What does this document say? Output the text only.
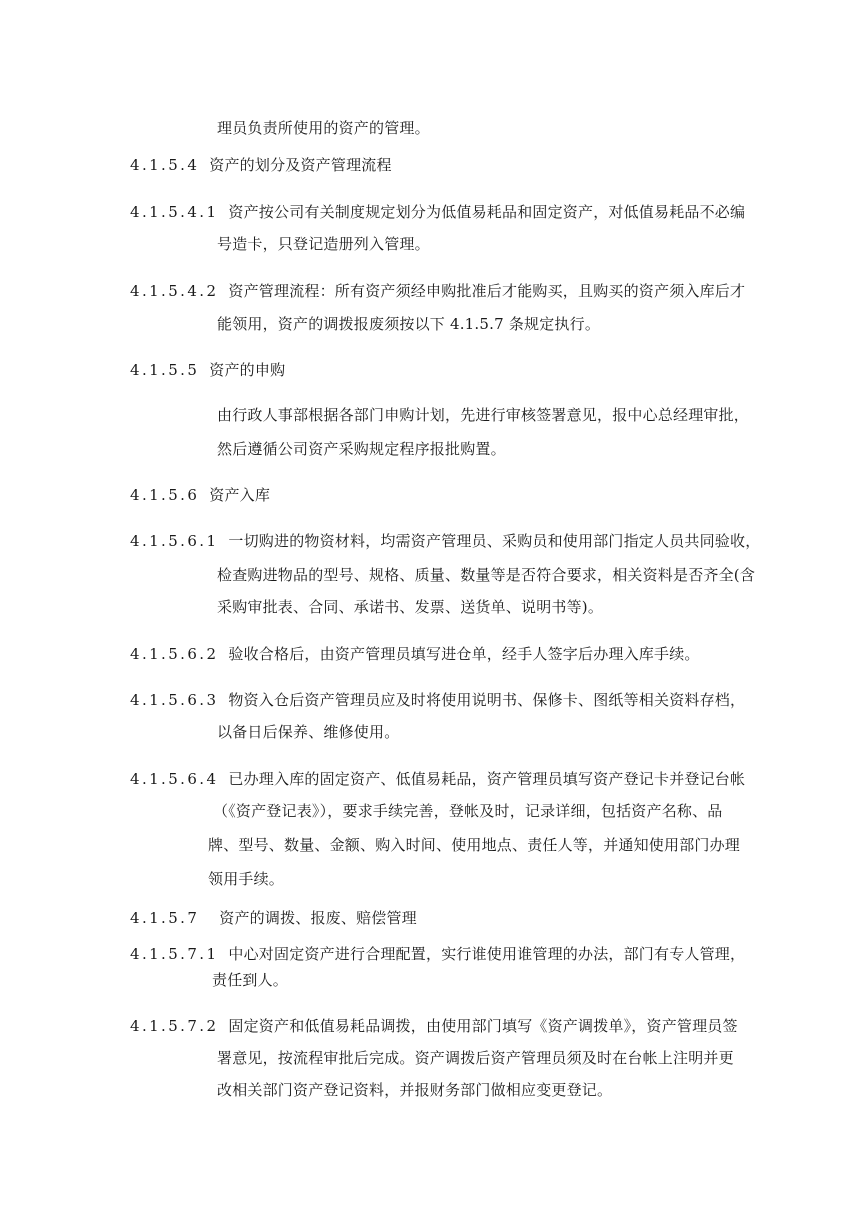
理员负责所使用的资产的管理。
4.1.5.4 资产的划分及资产管理流程
4.1.5.4.1 资产按公司有关制度规定划分为低值易耗品和固定资产，对低值易耗品不必编
号造卡，只登记造册列入管理。
4.1.5.4.2 资产管理流程：所有资产须经申购批准后才能购买，且购买的资产须入库后才
能领用，资产的调拨报废须按以下 4.1.5.7 条规定执行。
4.1.5.5 资产的申购
由行政人事部根据各部门申购计划，先进行审核签署意见，报中心总经理审批，
然后遵循公司资产采购规定程序报批购置。
4.1.5.6 资产入库
4.1.5.6.1 一切购进的物资材料，均需资产管理员、采购员和使用部门指定人员共同验收，
检查购进物品的型号、规格、质量、数量等是否符合要求，相关资料是否齐全(含
采购审批表、合同、承诺书、发票、送货单、说明书等)。
4.1.5.6.2 验收合格后，由资产管理员填写进仓单，经手人签字后办理入库手续。
4.1.5.6.3 物资入仓后资产管理员应及时将使用说明书、保修卡、图纸等相关资料存档，
以备日后保养、维修使用。
4.1.5.6.4 已办理入库的固定资产、低值易耗品，资产管理员填写资产登记卡并登记台帐
（《资产登记表》），要求手续完善，登帐及时，记录详细，包括资产名称、品
牌、型号、数量、金额、购入时间、使用地点、责任人等，并通知使用部门办理
领用手续。
4.1.5.7 资产的调拨、报废、赔偿管理
4.1.5.7.1 中心对固定资产进行合理配置，实行谁使用谁管理的办法，部门有专人管理，
责任到人。
4.1.5.7.2 固定资产和低值易耗品调拨，由使用部门填写《资产调拨单》，资产管理员签
署意见，按流程审批后完成。资产调拨后资产管理员须及时在台帐上注明并更
改相关部门资产登记资料，并报财务部门做相应变更登记。
